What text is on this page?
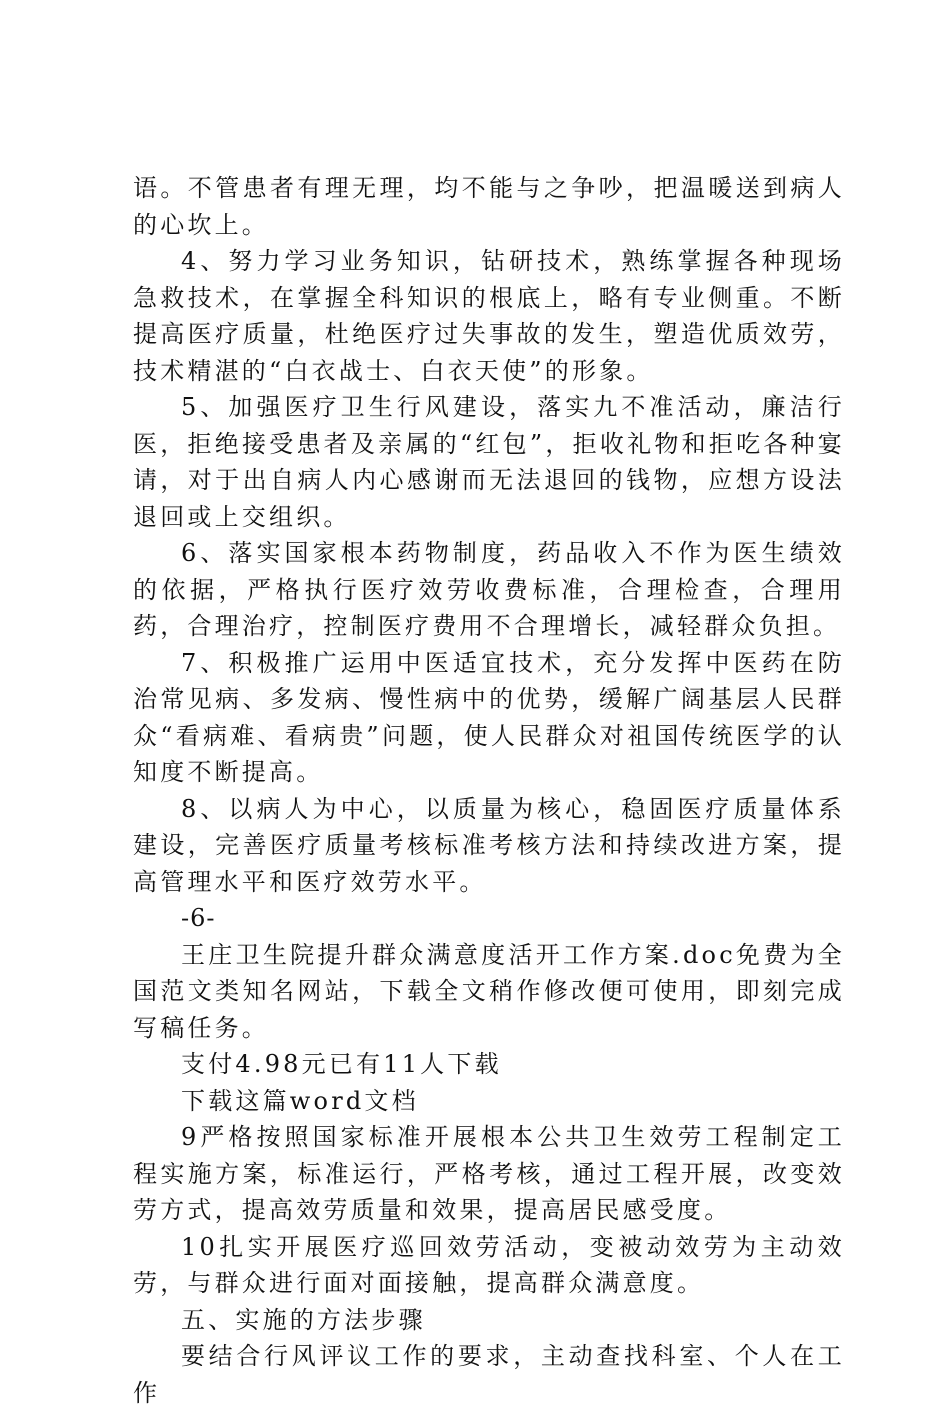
语。不管患者有理无理，均不能与之争吵，把温暖送到病人的心坎上。

4、努力学习业务知识，钻研技术，熟练掌握各种现场急救技术，在掌握全科知识的根底上，略有专业侧重。不断提高医疗质量，杜绝医疗过失事故的发生，塑造优质效劳，技术精湛的“白衣战士、白衣天使”的形象。

5、加强医疗卫生行风建设，落实九不准活动，廉洁行医，拒绝接受患者及亲属的“红包”，拒收礼物和拒吃各种宴请，对于出自病人内心感谢而无法退回的钱物，应想方设法退回或上交组织。

6、落实国家根本药物制度，药品收入不作为医生绩效的依据，严格执行医疗效劳收费标准，合理检查，合理用药，合理治疗，控制医疗费用不合理增长，减轻群众负担。

7、积极推广运用中医适宜技术，充分发挥中医药在防治常见病、多发病、慢性病中的优势，缓解广阔基层人民群众“看病难、看病贵”问题，使人民群众对祖国传统医学的认知度不断提高。

8、以病人为中心，以质量为核心，稳固医疗质量体系建设，完善医疗质量考核标准考核方法和持续改进方案，提高管理水平和医疗效劳水平。

-6-

王庄卫生院提升群众满意度活开工作方案.doc免费为全国范文类知名网站，下载全文稍作修改便可使用，即刻完成写稿任务。

支付4.98元已有11人下载

下载这篇word文档

9严格按照国家标准开展根本公共卫生效劳工程制定工程实施方案，标准运行，严格考核，通过工程开展，改变效劳方式，提高效劳质量和效果，提高居民感受度。

10扎实开展医疗巡回效劳活动，变被动效劳为主动效劳，与群众进行面对面接触，提高群众满意度。

五、实施的方法步骤

要结合行风评议工作的要求，主动查找科室、个人在工作
